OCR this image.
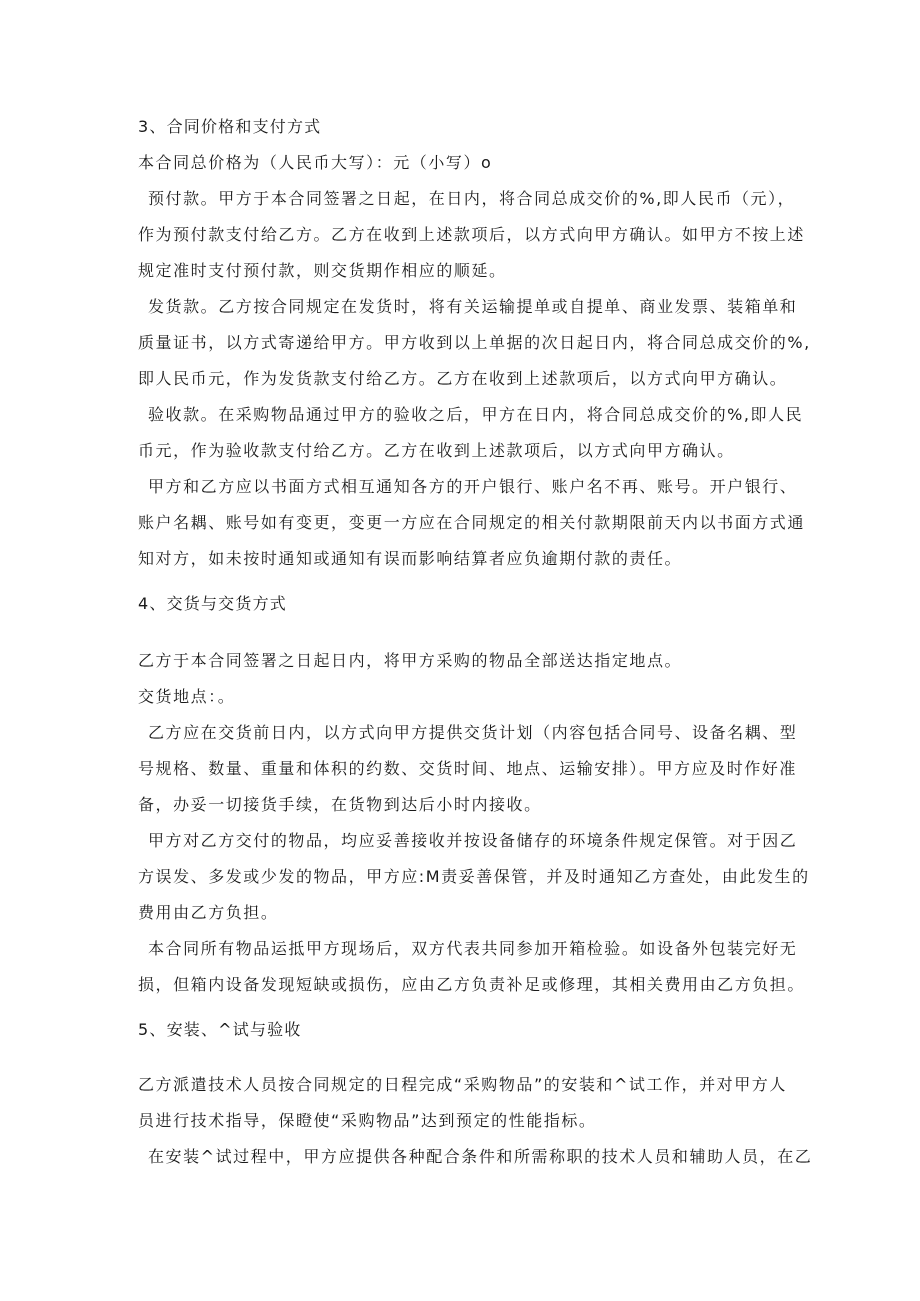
3、合同价格和支付方式
本合同总价格为（人民币大写）：元（小写）o
预付款。甲方于本合同签署之日起，在日内，将合同总成交价的%,即人民币（元），
作为预付款支付给乙方。乙方在收到上述款项后，以方式向甲方确认。如甲方不按上述
规定准时支付预付款，则交货期作相应的顺延。
发货款。乙方按合同规定在发货时，将有关运输提单或自提单、商业发票、装箱单和
质量证书，以方式寄递给甲方。甲方收到以上单据的次日起日内，将合同总成交价的%,
即人民币元，作为发货款支付给乙方。乙方在收到上述款项后，以方式向甲方确认。
验收款。在采购物品通过甲方的验收之后，甲方在日内，将合同总成交价的%,即人民
币元，作为验收款支付给乙方。乙方在收到上述款项后，以方式向甲方确认。
甲方和乙方应以书面方式相互通知各方的开户银行、账户名不再、账号。开户银行、
账户名耦、账号如有变更，变更一方应在合同规定的相关付款期限前天内以书面方式通
知对方，如未按时通知或通知有误而影响结算者应负逾期付款的责任。
4、交货与交货方式
乙方于本合同签署之日起日内，将甲方采购的物品全部送达指定地点。
交货地点：。
乙方应在交货前日内，以方式向甲方提供交货计划（内容包括合同号、设备名耦、型
号规格、数量、重量和体积的约数、交货时间、地点、运输安排）。甲方应及时作好准
备，办妥一切接货手续，在货物到达后小时内接收。
甲方对乙方交付的物品，均应妥善接收并按设备储存的环境条件规定保管。对于因乙
方误发、多发或少发的物品，甲方应:M责妥善保管，并及时通知乙方查处，由此发生的
费用由乙方负担。
本合同所有物品运抵甲方现场后，双方代表共同参加开箱检验。如设备外包装完好无
损，但箱内设备发现短缺或损伤，应由乙方负责补足或修理，其相关费用由乙方负担。
5、安装、^试与验收
乙方派遣技术人员按合同规定的日程完成“采购物品”的安装和^试工作，并对甲方人
员进行技术指导，保瞪使“采购物品”达到预定的性能指标。
在安装^试过程中，甲方应提供各种配合条件和所需称职的技术人员和辅助人员，在乙
